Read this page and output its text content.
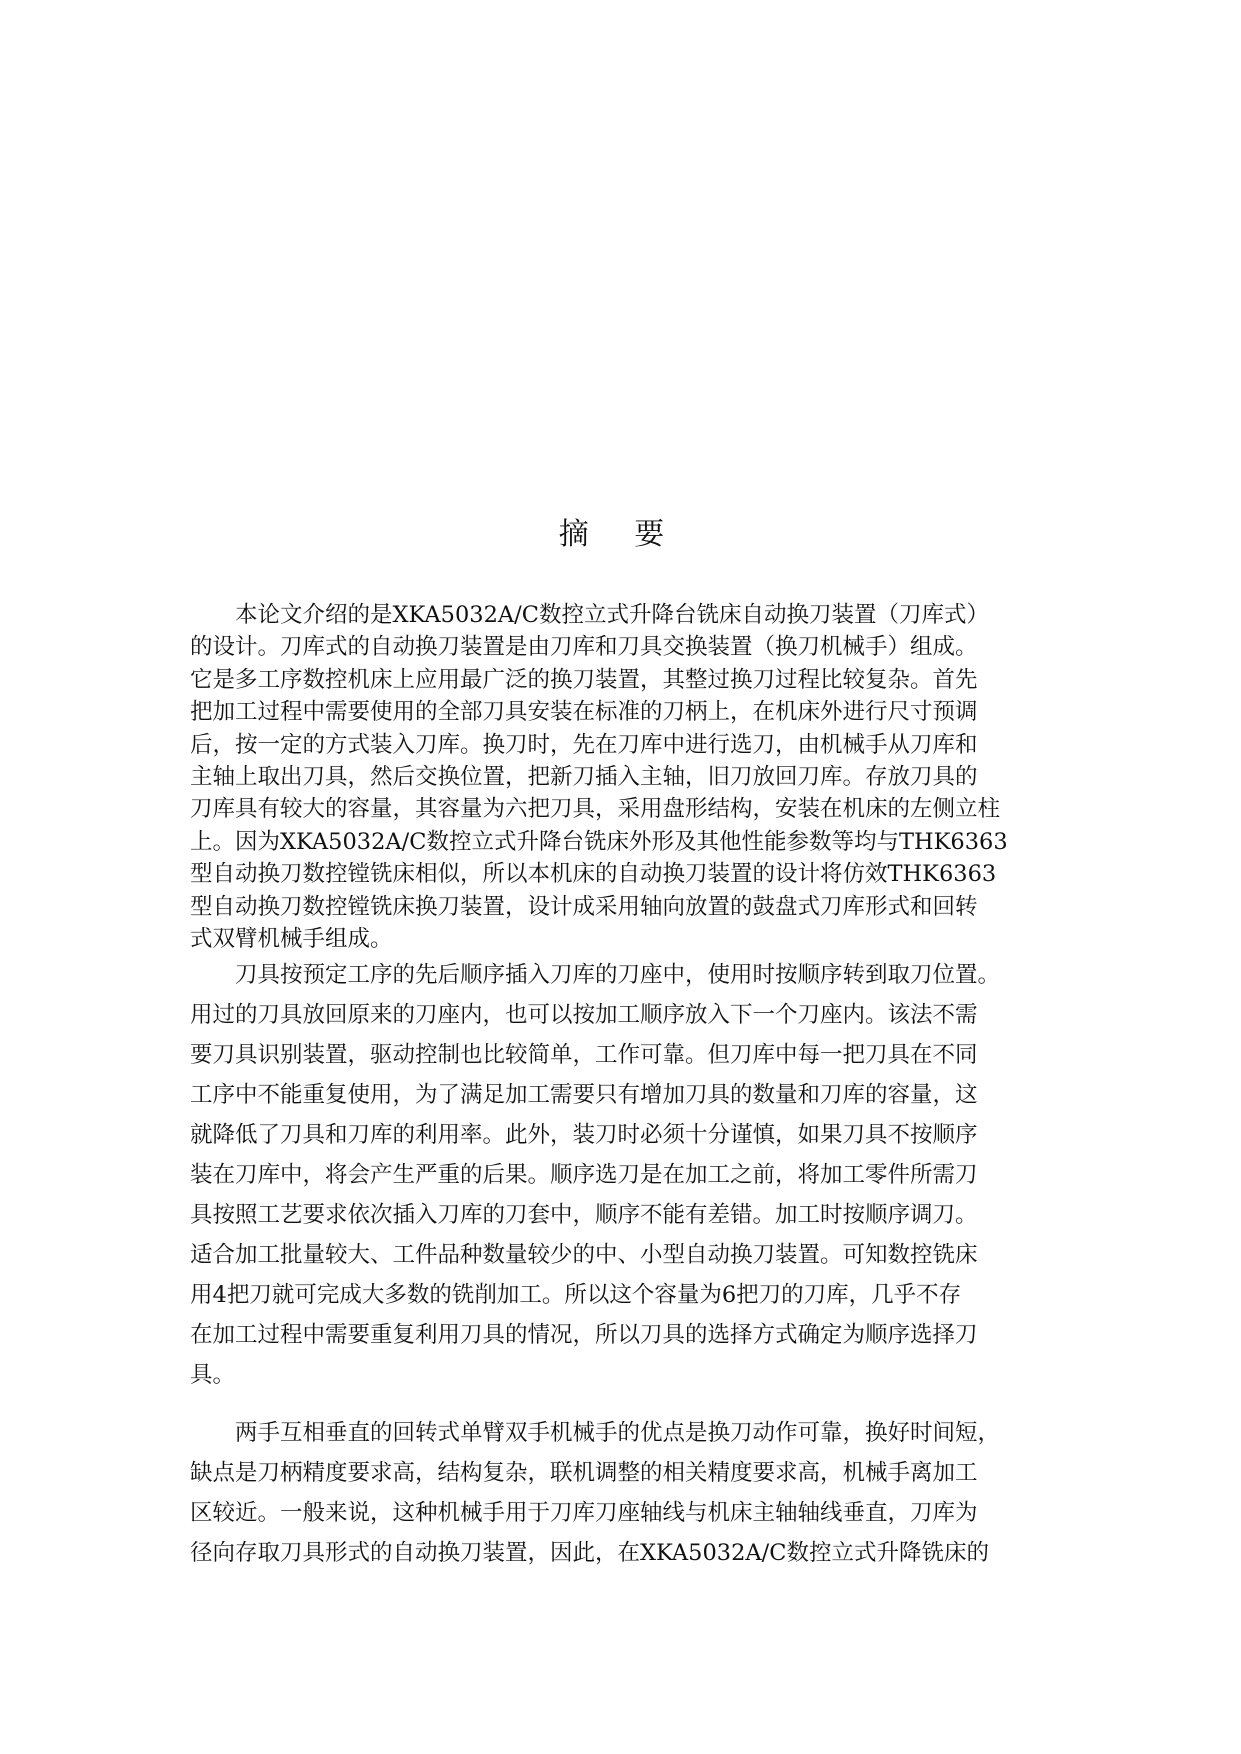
摘 要

本论文介绍的是XKA5032A/C数控立式升降台铣床自动换刀装置（刀库式）
的设计。刀库式的自动换刀装置是由刀库和刀具交换装置（换刀机械手）组成。
它是多工序数控机床上应用最广泛的换刀装置，其整过换刀过程比较复杂。首先
把加工过程中需要使用的全部刀具安装在标准的刀柄上，在机床外进行尺寸预调
后，按一定的方式装入刀库。换刀时，先在刀库中进行选刀，由机械手从刀库和
主轴上取出刀具，然后交换位置，把新刀插入主轴，旧刀放回刀库。存放刀具的
刀库具有较大的容量，其容量为六把刀具，采用盘形结构，安装在机床的左侧立柱
上。因为XKA5032A/C数控立式升降台铣床外形及其他性能参数等均与THK6363
型自动换刀数控镗铣床相似，所以本机床的自动换刀装置的设计将仿效THK6363
型自动换刀数控镗铣床换刀装置，设计成采用轴向放置的鼓盘式刀库形式和回转
式双臂机械手组成。

刀具按预定工序的先后顺序插入刀库的刀座中，使用时按顺序转到取刀位置。
用过的刀具放回原来的刀座内，也可以按加工顺序放入下一个刀座内。该法不需
要刀具识别装置，驱动控制也比较简单，工作可靠。但刀库中每一把刀具在不同
工序中不能重复使用，为了满足加工需要只有增加刀具的数量和刀库的容量，这
就降低了刀具和刀库的利用率。此外，装刀时必须十分谨慎，如果刀具不按顺序
装在刀库中，将会产生严重的后果。顺序选刀是在加工之前，将加工零件所需刀
具按照工艺要求依次插入刀库的刀套中，顺序不能有差错。加工时按顺序调刀。
适合加工批量较大、工件品种数量较少的中、小型自动换刀装置。可知数控铣床
用4把刀就可完成大多数的铣削加工。所以这个容量为6把刀的刀库，几乎不存
在加工过程中需要重复利用刀具的情况，所以刀具的选择方式确定为顺序选择刀
具。

两手互相垂直的回转式单臂双手机械手的优点是换刀动作可靠，换好时间短，
缺点是刀柄精度要求高，结构复杂，联机调整的相关精度要求高，机械手离加工
区较近。一般来说，这种机械手用于刀库刀座轴线与机床主轴轴线垂直，刀库为
径向存取刀具形式的自动换刀装置，因此，在XKA5032A/C数控立式升降铣床的
